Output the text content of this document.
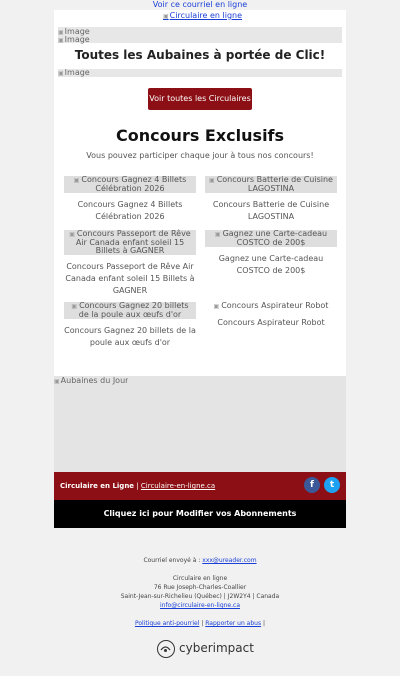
Voir ce courriel en ligne
▣ Circulaire en ligne
▣ Image
▣ Image
Toutes les Aubaines à portée de Clic!
▣ Image
Voir toutes les Circulaires
Concours Exclusifs
Vous pouvez participer chaque jour à tous nos concours!
▣ Concours Gagnez 4 Billets Célébration 2026
Concours Gagnez 4 Billets Célébration 2026
▣ Concours Batterie de Cuisine LAGOSTINA
Concours Batterie de Cuisine LAGOSTINA
▣ Concours Passeport de Rêve Air Canada enfant soleil 15 Billets à GAGNER
Concours Passeport de Rêve Air Canada enfant soleil 15 Billets à GAGNER
▣ Gagnez une Carte-cadeau COSTCO de 200$
Gagnez une Carte-cadeau COSTCO de 200$
▣ Concours Gagnez 20 billets de la poule aux œufs d'or
Concours Gagnez 20 billets de la poule aux œufs d'or
▣ Concours Aspirateur Robot
Concours Aspirateur Robot
▣ Aubaines du Jour
Circulaire en Ligne | Circulaire-en-ligne.ca	f	t
Cliquez ici pour Modifier vos Abonnements
Courriel envoyé à : xxx@ureader.com
Circulaire en ligne
76 Rue Joseph-Charles-Coallier
Saint-Jean-sur-Richelieu (Québec) | J2W2Y4 | Canada
info@circulaire-en-ligne.ca
Politique anti-pourriel | Rapporter un abus |
cyberimpact
